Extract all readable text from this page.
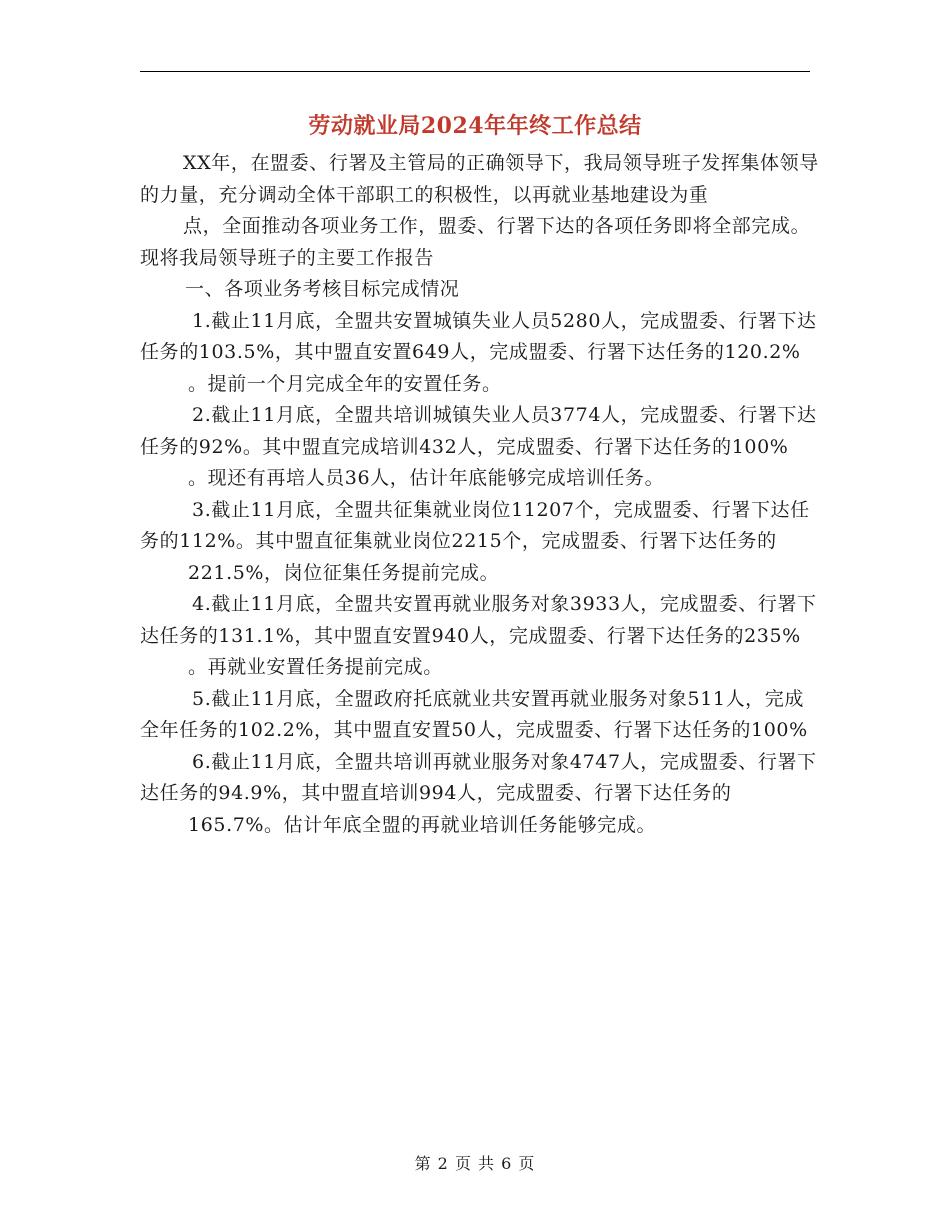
劳动就业局2024年年终工作总结

XX年，在盟委、行署及主管局的正确领导下，我局领导班子发挥集体领导的力量，充分调动全体干部职工的积极性，以再就业基地建设为重

点，全面推动各项业务工作，盟委、行署下达的各项任务即将全部完成。现将我局领导班子的主要工作报告

一、各项业务考核目标完成情况

1.截止11月底，全盟共安置城镇失业人员5280人，完成盟委、行署下达任务的103.5%，其中盟直安置649人，完成盟委、行署下达任务的120.2%

。提前一个月完成全年的安置任务。

2.截止11月底，全盟共培训城镇失业人员3774人，完成盟委、行署下达任务的92%。其中盟直完成培训432人，完成盟委、行署下达任务的100%

。现还有再培人员36人，估计年底能够完成培训任务。

3.截止11月底，全盟共征集就业岗位11207个，完成盟委、行署下达任务的112%。其中盟直征集就业岗位2215个，完成盟委、行署下达任务的

221.5%，岗位征集任务提前完成。

4.截止11月底，全盟共安置再就业服务对象3933人，完成盟委、行署下达任务的131.1%，其中盟直安置940人，完成盟委、行署下达任务的235%

。再就业安置任务提前完成。

5.截止11月底，全盟政府托底就业共安置再就业服务对象511人，完成全年任务的102.2%，其中盟直安置50人，完成盟委、行署下达任务的100%

6.截止11月底，全盟共培训再就业服务对象4747人，完成盟委、行署下达任务的94.9%，其中盟直培训994人，完成盟委、行署下达任务的

165.7%。估计年底全盟的再就业培训任务能够完成。

第 2 页 共 6 页
